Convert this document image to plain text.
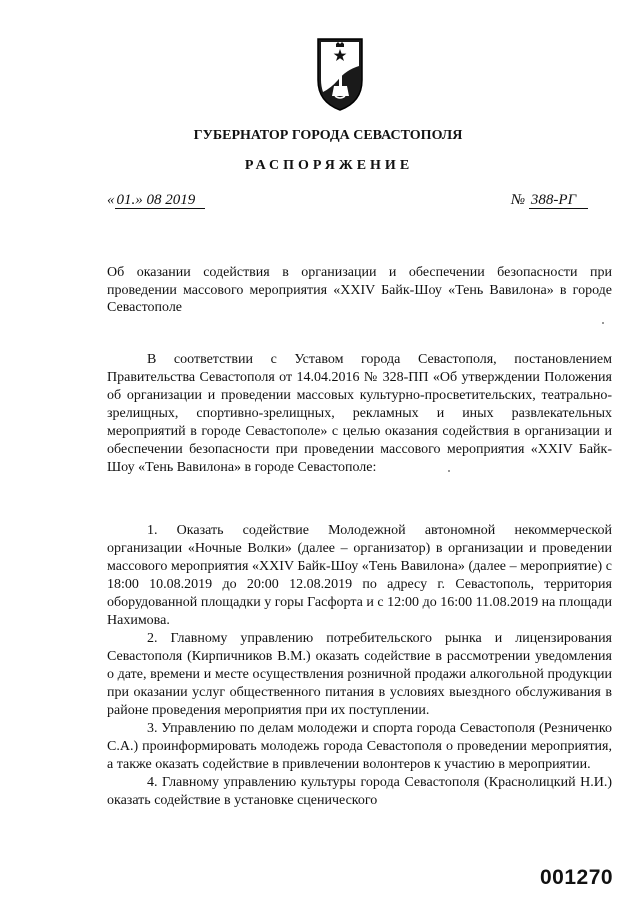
ГУБЕРНАТОР ГОРОДА СЕВАСТОПОЛЯ
РАСПОРЯЖЕНИЕ
« 01.» 08 2019	№ 388-РГ
Об оказании содействия в организации и обеспечении безопасности при проведении массового мероприятия «XXIV Байк-Шоу «Тень Вавилона» в городе Севастополе

В соответствии с Уставом города Севастополя, постановлением Правительства Севастополя от 14.04.2016 № 328-ПП «Об утверждении Положения об организации и проведении массовых культурно-просветительских, театрально-зрелищных, спортивно-зрелищных, рекламных и иных развлекательных мероприятий в городе Севастополе» с целью оказания содействия в организации и обеспечении безопасности при проведении массового мероприятия «XXIV Байк-Шоу «Тень Вавилона» в городе Севастополе:

1. Оказать содействие Молодежной автономной некоммерческой организации «Ночные Волки» (далее – организатор) в организации и проведении массового мероприятия «XXIV Байк-Шоу «Тень Вавилона» (далее – мероприятие) с 18:00 10.08.2019 до 20:00 12.08.2019 по адресу г. Севастополь, территория оборудованной площадки у горы Гасфорта и с 12:00 до 16:00 11.08.2019 на площади Нахимова.

2. Главному управлению потребительского рынка и лицензирования Севастополя (Кирпичников В.М.) оказать содействие в рассмотрении уведомления о дате, времени и месте осуществления розничной продажи алкогольной продукции при оказании услуг общественного питания в условиях выездного обслуживания в районе проведения мероприятия при их поступлении.

3. Управлению по делам молодежи и спорта города Севастополя (Резниченко С.А.) проинформировать молодежь города Севастополя о проведении мероприятия, а также оказать содействие в привлечении волонтеров к участию в мероприятии.

4. Главному управлению культуры города Севастополя (Краснолицкий Н.И.) оказать содействие в установке сценического

001270
